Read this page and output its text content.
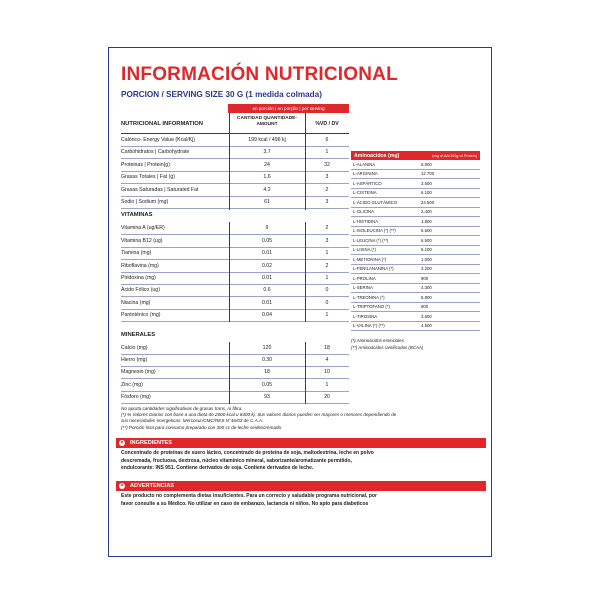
INFORMACIÓN NUTRICIONAL
PORCION / SERVING SIZE 30 G (1 medida colmada)
en porción | en porção | per serving
NUTRICIONAL INFORMATION
CANTIDAD QUANTIDADE-AMOUNT	%VD / DV
Calórico- Energy Value (Kcal/Kj)	199 kcal / 496 kj	6
Carbohidratos | Carbohydrate	3,7	1
Proteinas | Protein(g)	24	32
Grasas Totales | Fat (g)	1.6	3
Grasas Saturadas | Saturated Fat	4.2	2
Sodio | Sodium (mg)	61	3
VITAMINAS
Vitamina A (ug/ER)	9	2
Vitamina B12 (ug)	0.05	3
Tiamina (mg)	0.01	1
Riboflavina (mg)	0.02	2
Piridoxina (mg)	0.01	1
Ácido Fólico (ug)	0.6	0
Niacina (mg)	0.01	0
Pantoténico (mg)	0.04	1
MINERALES
Calcio (mg)	120	18
Hierro (mg)	0.30	4
Magnesio (mg)	18	10
Zinc (mg)	0.05	1
Fósforo (mg)	93	20
Aminoacidos (mg)	(mg of AA/100g of Protein)
L-ALANINA	5.900
L-ARGININA	12.700
L-ASPÁRTICO	3.600
L-CISTEINA	6.100
L-ÁCIDO GLUTÁMICO	24.500
L-GLICINA	2.400
L-HISTIDINA	1.800
L-ISOLEUCINA (*) (**)	5.600
L-LEUCINA (*) (**)	6.500
L-LISINA (*)	6.100
L-METIONINA (*)	1.000
L-FENILANANINA (*)	3.200
L-PROLINA	900
L-SERINA	4.300
L-TREONINA (*)	8.800
L-TRIPTOFANO (*)	900
L-TIROSINA	3.600
L-VALINA (*) (**)	4.500
(*) Aminoácidos esenciales.
(**) Aminoácidos ramificados (BCAA)
No aporta cantidades significativas de grasas trans, ni fibra.
(*) % Valores Diarios con base a una dieta de 2000 kcal u 8400 kj. Sus valores diarios pueden ser mayores o menores dependiendo de
sus necesidades energeticas. Mercosur/CMC/RES N°46/03 de C.A.A.
(**) Porción lista para consumo preparado con 300 cc de leche seidescremado.
INGREDIENTES
Concentrado de proteínas de suero lácteo, concentrado de proteína de soja, maltodextrina, leche en polvo
descremada, fructuosa, dextrosa, núcleo vitamínico mineral, saborizante/aromatizante permitido,
endulcorante: INS 951. Contiene derivados de soja. Contiene derivados de leche.
ADVERTENCIAS
Este producto no complementa dietas insuficientes. Para un correcto y saludable programa nutricional, por
favor consulte a su Médico. No utilizar en caso de embarazo, lactancia ni niños. No apto para diabeticos
